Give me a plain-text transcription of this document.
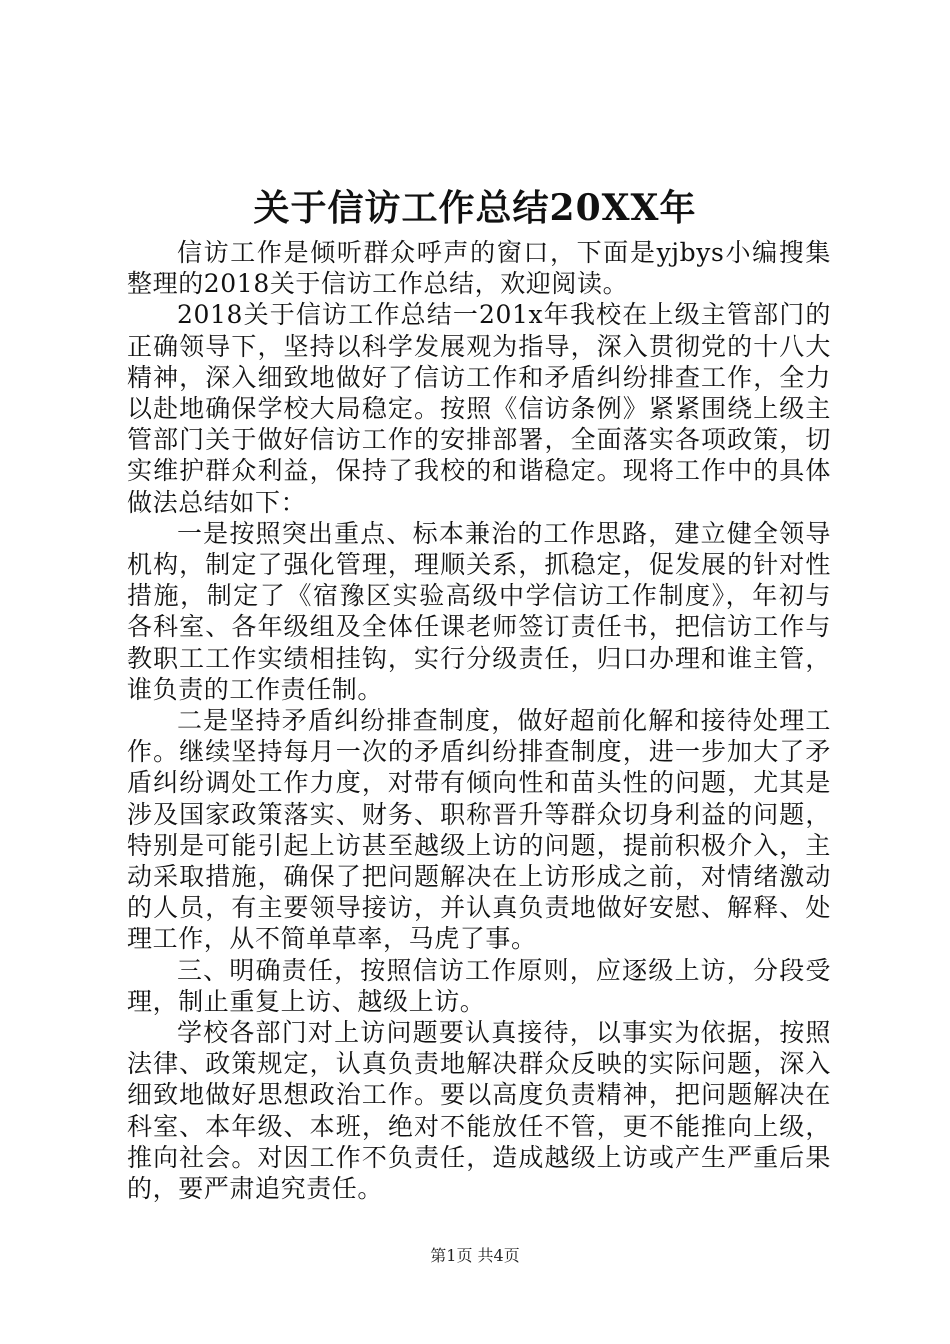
关于信访工作总结20XX年

信访工作是倾听群众呼声的窗口，下面是yjbys小编搜集整理的2018关于信访工作总结，欢迎阅读。

2018关于信访工作总结一201x年我校在上级主管部门的正确领导下，坚持以科学发展观为指导，深入贯彻党的十八大精神，深入细致地做好了信访工作和矛盾纠纷排查工作，全力以赴地确保学校大局稳定。按照《信访条例》紧紧围绕上级主管部门关于做好信访工作的安排部署，全面落实各项政策，切实维护群众利益，保持了我校的和谐稳定。现将工作中的具体做法总结如下：

一是按照突出重点、标本兼治的工作思路，建立健全领导机构，制定了强化管理，理顺关系，抓稳定，促发展的针对性措施，制定了《宿豫区实验高级中学信访工作制度》，年初与各科室、各年级组及全体任课老师签订责任书，把信访工作与教职工工作实绩相挂钩，实行分级责任，归口办理和谁主管，谁负责的工作责任制。

二是坚持矛盾纠纷排查制度，做好超前化解和接待处理工作。继续坚持每月一次的矛盾纠纷排查制度，进一步加大了矛盾纠纷调处工作力度，对带有倾向性和苗头性的问题，尤其是涉及国家政策落实、财务、职称晋升等群众切身利益的问题，特别是可能引起上访甚至越级上访的问题，提前积极介入，主动采取措施，确保了把问题解决在上访形成之前，对情绪激动的人员，有主要领导接访，并认真负责地做好安慰、解释、处理工作，从不简单草率，马虎了事。

三、明确责任，按照信访工作原则，应逐级上访，分段受理，制止重复上访、越级上访。

学校各部门对上访问题要认真接待，以事实为依据，按照法律、政策规定，认真负责地解决群众反映的实际问题，深入细致地做好思想政治工作。要以高度负责精神，把问题解决在科室、本年级、本班，绝对不能放任不管，更不能推向上级，推向社会。对因工作不负责任，造成越级上访或产生严重后果的，要严肃追究责任。

第1页 共4页
